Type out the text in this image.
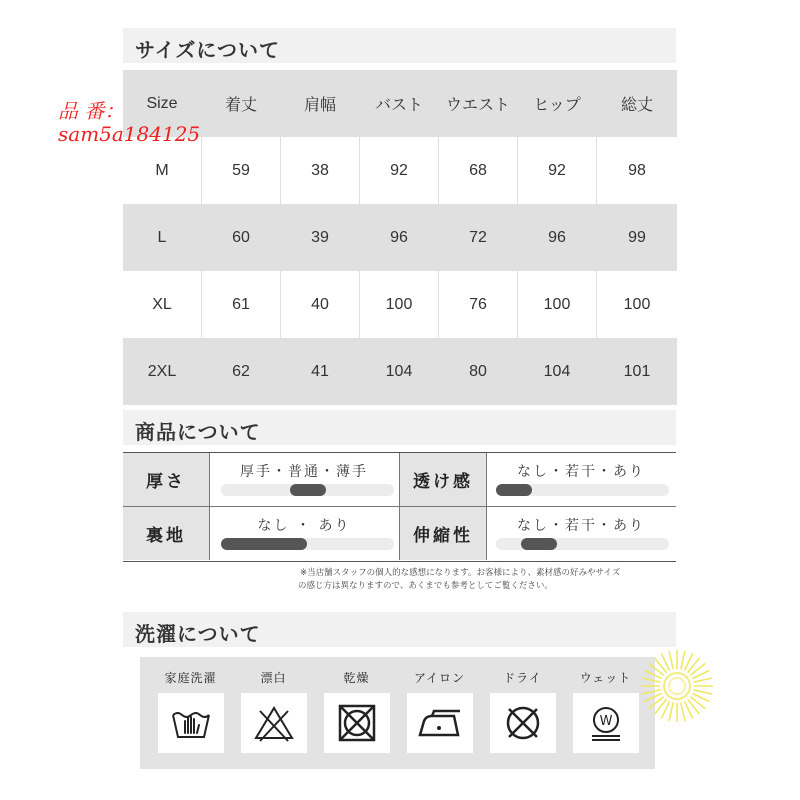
サイズについて
Size	着丈	肩幅	バスト	ウエスト	ヒップ	総丈
M	59	38	92	68	92	98
L	60	39	96	72	96	99
XL	61	40	100	76	100	100
2XL	62	41	104	80	104	101
商品について
厚さ	厚手・普通・薄手	透け感	なし・若干・あり
裏地	なし ・ あり	伸縮性	なし・若干・あり
※当店舗スタッフの個人的な感想になります。お客様により、素材感の好みやサイズ
の感じ方は異なりますので、あくまでも参考としてご覧ください。
洗濯について
家庭洗濯	漂白	乾燥	アイロン	ドライ	ウェット
W
品 番：
sam5a184125
